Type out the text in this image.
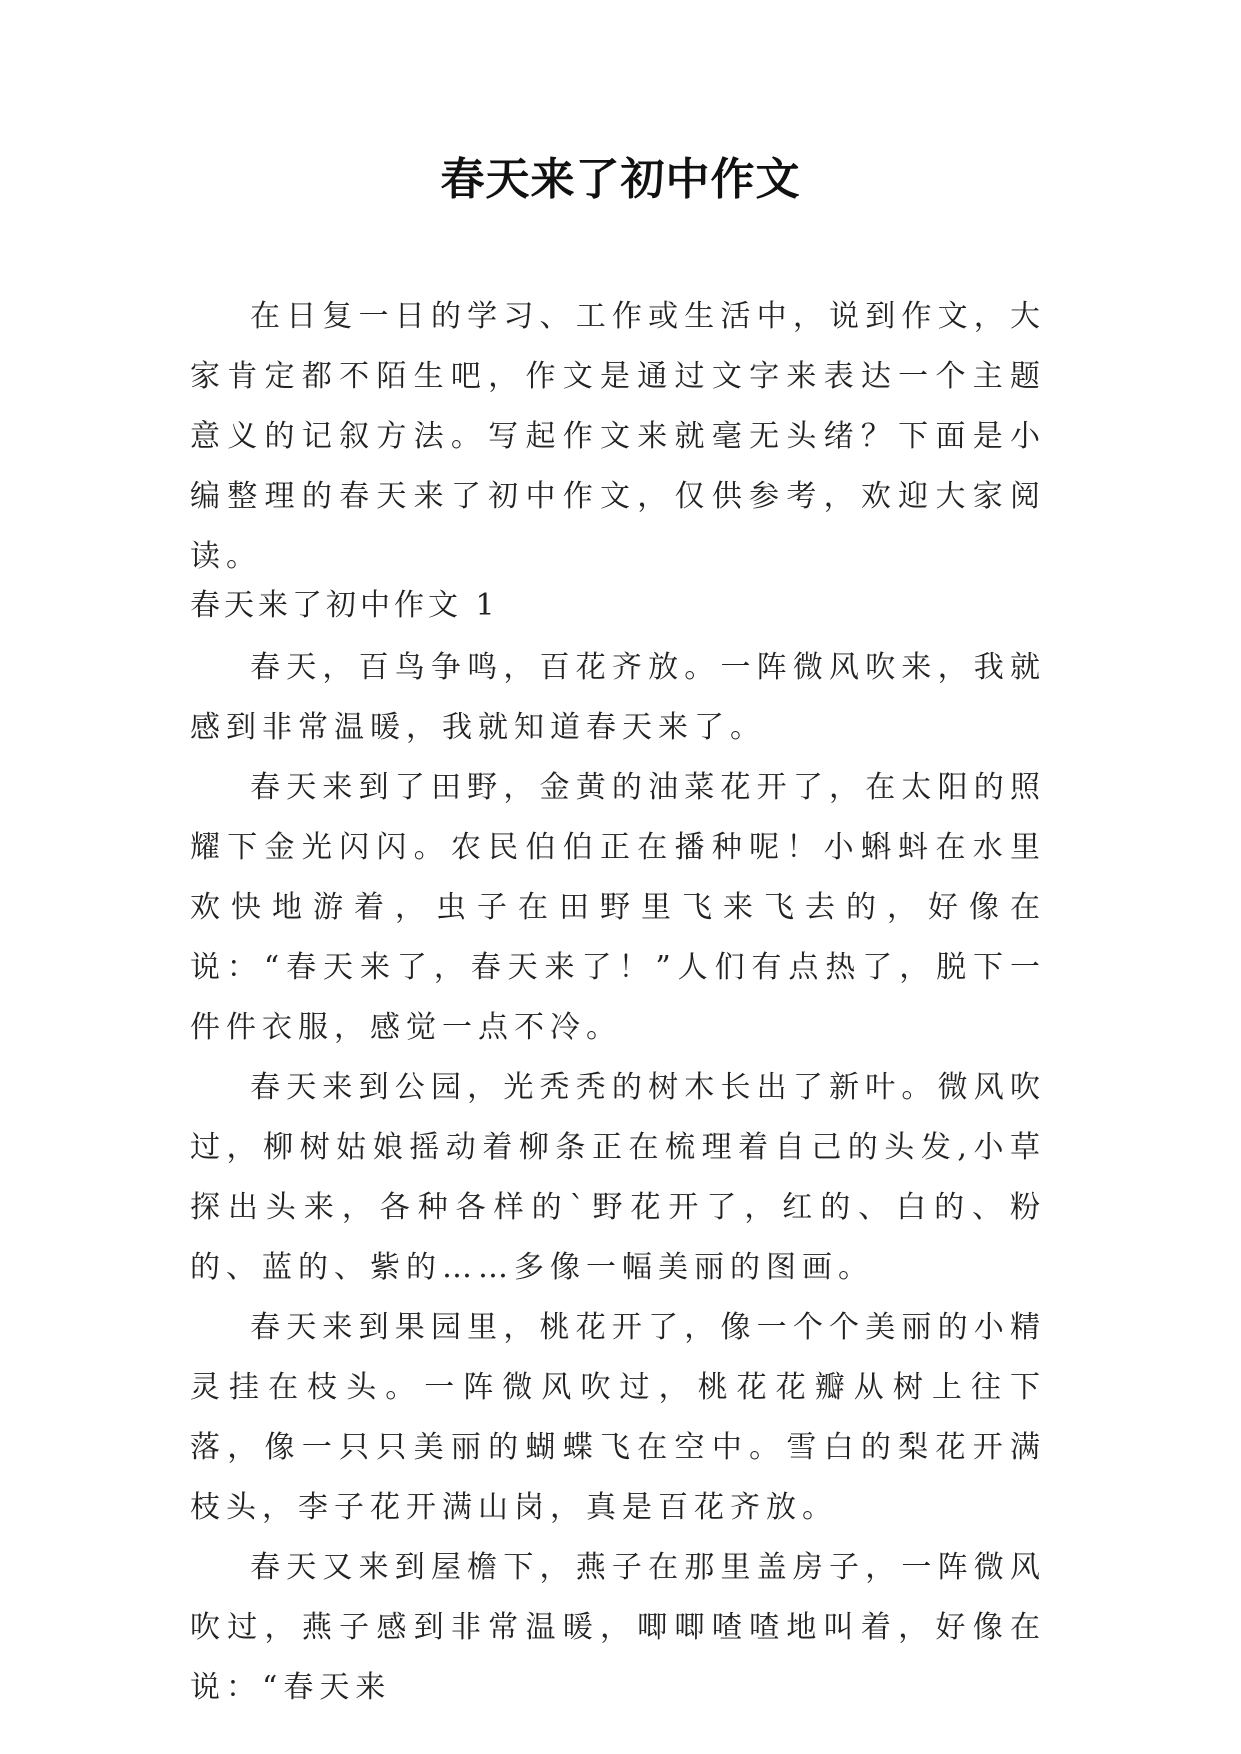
春天来了初中作文

在日复一日的学习、工作或生活中，说到作文，大家肯定都不陌生吧，作文是通过文字来表达一个主题意义的记叙方法。写起作文来就毫无头绪？下面是小编整理的春天来了初中作文，仅供参考，欢迎大家阅读。

春天来了初中作文 1

春天，百鸟争鸣，百花齐放。一阵微风吹来，我就感到非常温暖，我就知道春天来了。

春天来到了田野，金黄的油菜花开了，在太阳的照耀下金光闪闪。农民伯伯正在播种呢！小蝌蚪在水里欢快地游着，虫子在田野里飞来飞去的，好像在说：“春天来了，春天来了！”人们有点热了，脱下一件件衣服，感觉一点不冷。

春天来到公园，光秃秃的树木长出了新叶。微风吹过，柳树姑娘摇动着柳条正在梳理着自己的头发,小草探出头来，各种各样的`野花开了，红的、白的、粉的、蓝的、紫的……多像一幅美丽的图画。

春天来到果园里，桃花开了，像一个个美丽的小精灵挂在枝头。一阵微风吹过，桃花花瓣从树上往下落，像一只只美丽的蝴蝶飞在空中。雪白的梨花开满枝头，李子花开满山岗，真是百花齐放。

春天又来到屋檐下，燕子在那里盖房子，一阵微风吹过，燕子感到非常温暖，唧唧喳喳地叫着，好像在说：“春天来
